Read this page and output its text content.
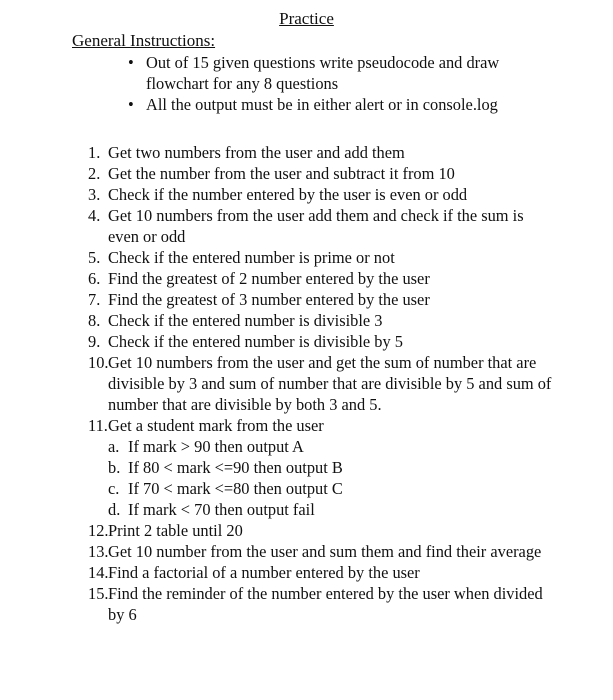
Practice
General Instructions:
• Out of 15 given questions write pseudocode and draw flowchart for any 8 questions
• All the output must be in either alert or in console.log
1. Get two numbers from the user and add them
2. Get the number from the user and subtract it from 10
3. Check if the number entered by the user is even or odd
4. Get 10 numbers from the user add them and check if the sum is even or odd
5. Check if the entered number is prime or not
6. Find the greatest of 2 number entered by the user
7. Find the greatest of 3 number entered by the user
8. Check if the entered number is divisible 3
9. Check if the entered number is divisible by 5
10. Get 10 numbers from the user and get the sum of number that are divisible by 3 and sum of number that are divisible by 5 and sum of number that are divisible by both 3 and 5.
11. Get a student mark from the user
a. If mark > 90 then output A
b. If 80 < mark <=90 then output B
c. If 70 < mark <=80 then output C
d. If mark < 70 then output fail
12. Print 2 table until 20
13. Get 10 number from the user and sum them and find their average
14. Find a factorial of a number entered by the user
15. Find the reminder of the number entered by the user when divided by 6
